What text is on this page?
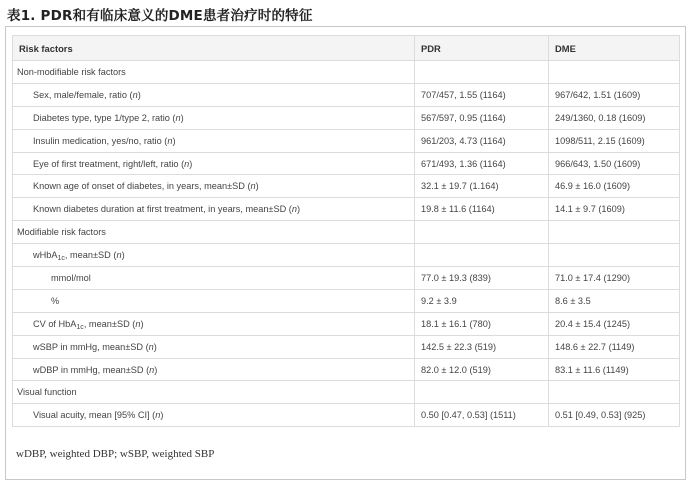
表1. PDR和有临床意义的DME患者治疗时的特征
Risk factors	PDR	DME
Non-modifiable risk factors		
Sex, male/female, ratio (n)	707/457, 1.55 (1164)	967/642, 1.51 (1609)
Diabetes type, type 1/type 2, ratio (n)	567/597, 0.95 (1164)	249/1360, 0.18 (1609)
Insulin medication, yes/no, ratio (n)	961/203, 4.73 (1164)	1098/511, 2.15 (1609)
Eye of first treatment, right/left, ratio (n)	671/493, 1.36 (1164)	966/643, 1.50 (1609)
Known age of onset of diabetes, in years, mean±SD (n)	32.1 ± 19.7 (1.164)	46.9 ± 16.0 (1609)
Known diabetes duration at first treatment, in years, mean±SD (n)	19.8 ± 11.6 (1164)	14.1 ± 9.7 (1609)
Modifiable risk factors		
wHbA$_{1c}$, mean±SD (n)		
mmol/mol	77.0 ± 19.3 (839)	71.0 ± 17.4 (1290)
%	9.2 ± 3.9	8.6 ± 3.5
CV of HbA$_{1c}$, mean±SD (n)	18.1 ± 16.1 (780)	20.4 ± 15.4 (1245)
wSBP in mmHg, mean±SD (n)	142.5 ± 22.3 (519)	148.6 ± 22.7 (1149)
wDBP in mmHg, mean±SD (n)	82.0 ± 12.0 (519)	83.1 ± 11.6 (1149)
Visual function		
Visual acuity, mean [95% CI] (n)	0.50 [0.47, 0.53] (1511)	0.51 [0.49, 0.53] (925)
wDBP, weighted DBP; wSBP, weighted SBP
